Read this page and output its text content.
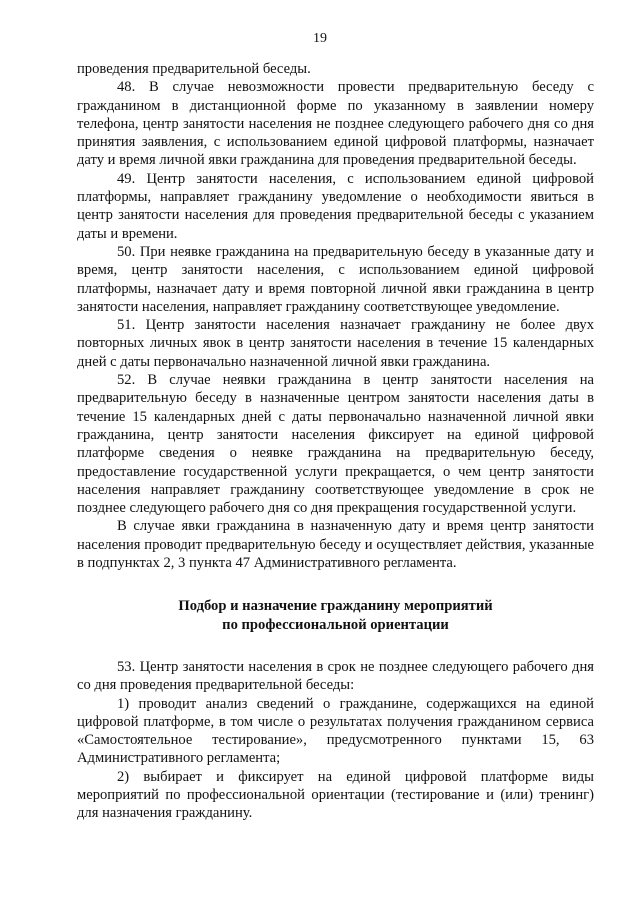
19

проведения предварительной беседы.

48. В случае невозможности провести предварительную беседу с гражданином в дистанционной форме по указанному в заявлении номеру телефона, центр занятости населения не позднее следующего рабочего дня со дня принятия заявления, с использованием единой цифровой платформы, назначает дату и время личной явки гражданина для проведения предварительной беседы.

49. Центр занятости населения, с использованием единой цифровой платформы, направляет гражданину уведомление о необходимости явиться в центр занятости населения для проведения предварительной беседы с указанием даты и времени.

50. При неявке гражданина на предварительную беседу в указанные дату и время, центр занятости населения, с использованием единой цифровой платформы, назначает дату и время повторной личной явки гражданина в центр занятости населения, направляет гражданину соответствующее уведомление.

51. Центр занятости населения назначает гражданину не более двух повторных личных явок в центр занятости населения в течение 15 календарных дней с даты первоначально назначенной личной явки гражданина.

52. В случае неявки гражданина в центр занятости населения на предварительную беседу в назначенные центром занятости населения даты в течение 15 календарных дней с даты первоначально назначенной личной явки гражданина, центр занятости населения фиксирует на единой цифровой платформе сведения о неявке гражданина на предварительную беседу, предоставление государственной услуги прекращается, о чем центр занятости населения направляет гражданину соответствующее уведомление в срок не позднее следующего рабочего дня со дня прекращения государственной услуги.

В случае явки гражданина в назначенную дату и время центр занятости населения проводит предварительную беседу и осуществляет действия, указанные в подпунктах 2, 3 пункта 47 Административного регламента.

Подбор и назначение гражданину мероприятий
по профессиональной ориентации

53. Центр занятости населения в срок не позднее следующего рабочего дня со дня проведения предварительной беседы:

1) проводит анализ сведений о гражданине, содержащихся на единой цифровой платформе, в том числе о результатах получения гражданином сервиса «Самостоятельное тестирование», предусмотренного пунктами 15, 63 Административного регламента;

2) выбирает и фиксирует на единой цифровой платформе виды мероприятий по профессиональной ориентации (тестирование и (или) тренинг) для назначения гражданину.
